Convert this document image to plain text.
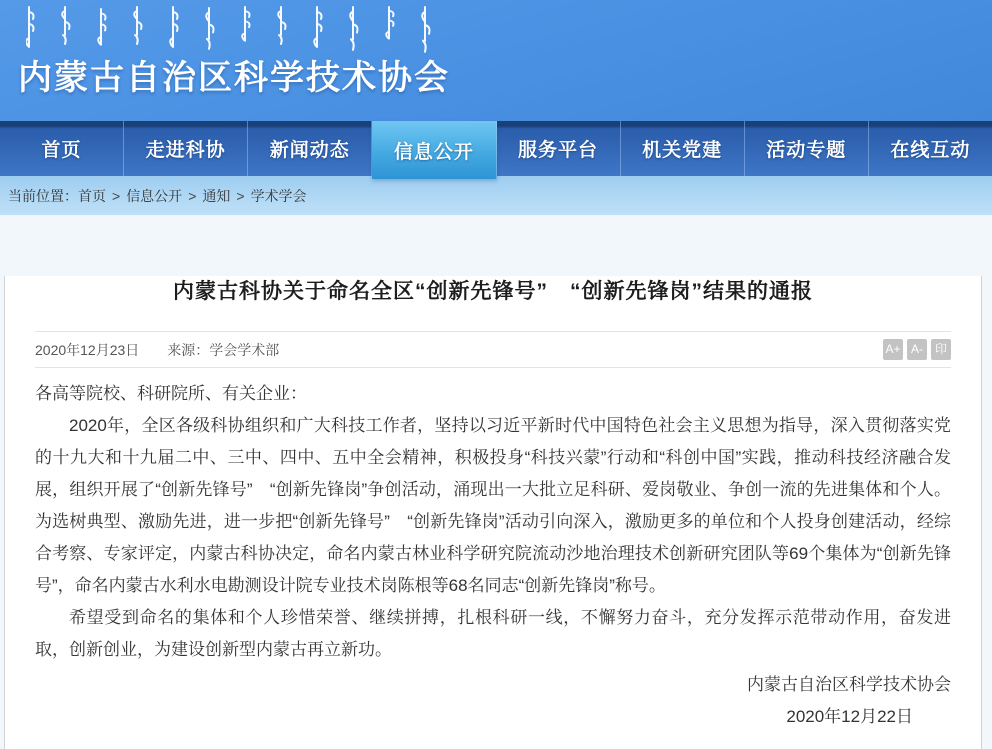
内蒙古自治区科学技术协会
首页	走进科协	新闻动态	信息公开	服务平台	机关党建	活动专题	在线互动
当前位置： 首页 > 信息公开 > 通知 > 学术学会
内蒙古科协关于命名全区“创新先锋号”　“创新先锋岗”结果的通报
2020年12月23日 来源：学会学术部	A+ A- 印

各高等院校、科研院所、有关企业：

2020年，全区各级科协组织和广大科技工作者，坚持以习近平新时代中国特色社会主义思想为指导，深入贯彻落实党的十九大和十九届二中、三中、四中、五中全会精神，积极投身“科技兴蒙”行动和“科创中国”实践，推动科技经济融合发展，组织开展了“创新先锋号”　“创新先锋岗”争创活动，涌现出一大批立足科研、爱岗敬业、争创一流的先进集体和个人。为选树典型、激励先进，进一步把“创新先锋号”　“创新先锋岗”活动引向深入，激励更多的单位和个人投身创建活动，经综合考察、专家评定，内蒙古科协决定，命名内蒙古林业科学研究院流动沙地治理技术创新研究团队等69个集体为“创新先锋号”，命名内蒙古水利水电勘测设计院专业技术岗陈根等68名同志“创新先锋岗”称号。

希望受到命名的集体和个人珍惜荣誉、继续拼搏，扎根科研一线，不懈努力奋斗，充分发挥示范带动作用，奋发进取，创新创业，为建设创新型内蒙古再立新功。

内蒙古自治区科学技术协会

2020年12月22日
